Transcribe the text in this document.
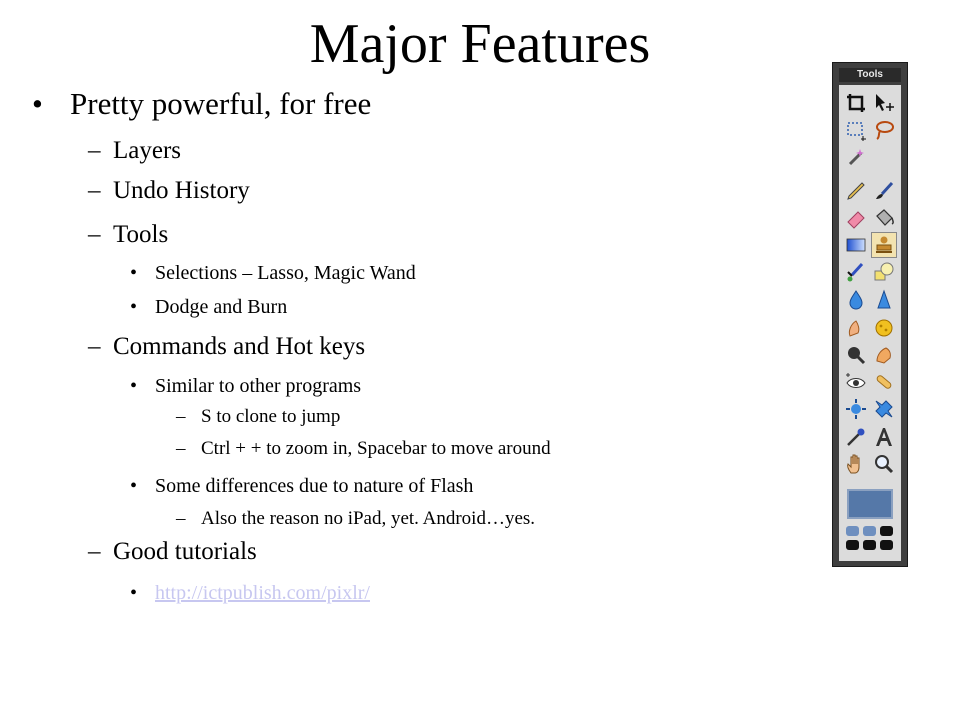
Major Features
• Pretty powerful, for free
– Layers
– Undo History
– Tools
• Selections – Lasso, Magic Wand
• Dodge and Burn
– Commands and Hot keys
• Similar to other programs
– S to clone to jump
– Ctrl + + to zoom in, Spacebar to move around
• Some differences due to nature of Flash
– Also the reason no iPad, yet. Android…yes.
– Good tutorials
• http://ictpublish.com/pixlr/
Tools
